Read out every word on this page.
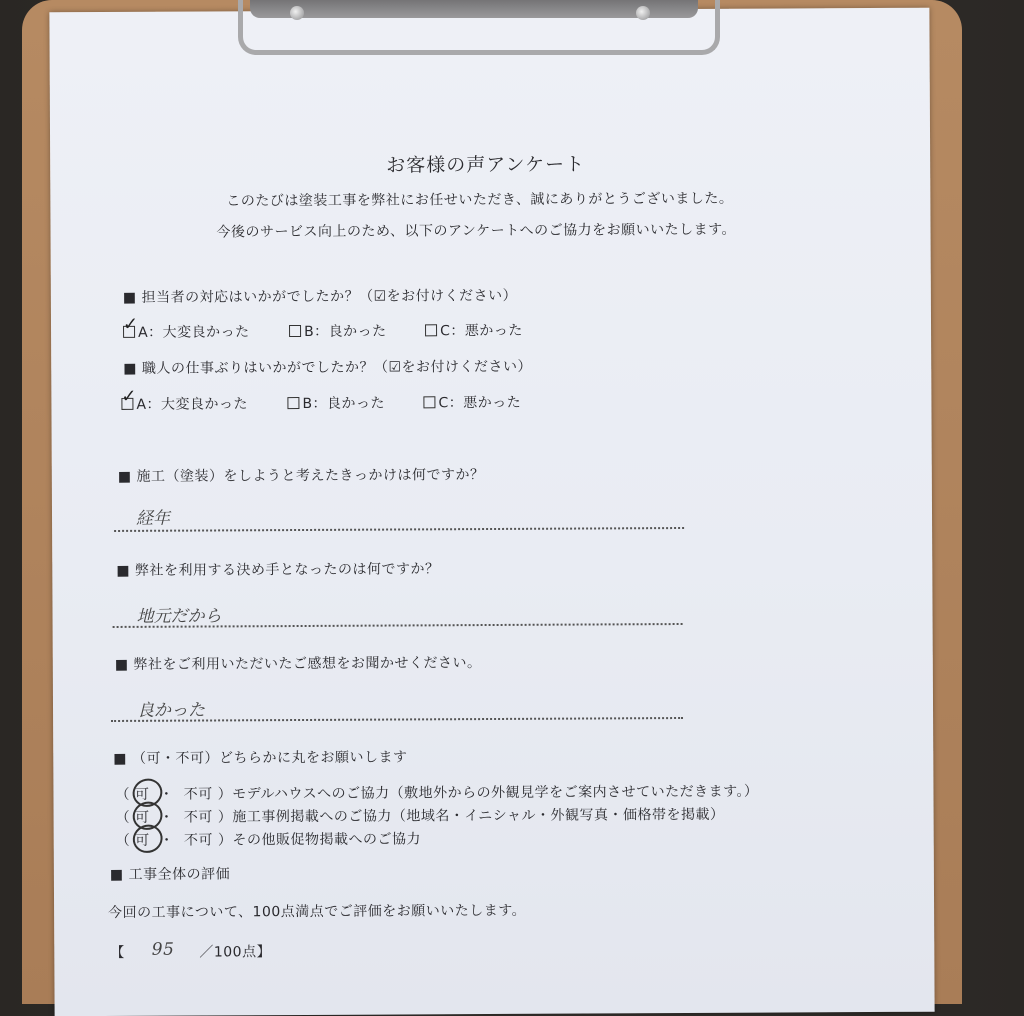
お客様の声アンケート
このたびは塗装工事を弊社にお任せいただき、誠にありがとうございました。
今後のサービス向上のため、以下のアンケートへのご協力をお願いいたします。
■ 担当者の対応はいかがでしたか？（☑をお付けください）
A：大変良かった	B：良かった	C：悪かった
✓
■ 職人の仕事ぶりはいかがでしたか？（☑をお付けください）
A：大変良かった	B：良かった	C：悪かった
✓
■ 施工（塗装）をしようと考えたきっかけは何ですか？
経年
■ 弊社を利用する決め手となったのは何ですか？
地元だから
■ 弊社をご利用いただいたご感想をお聞かせください。
良かった
■ （可・不可）どちらかに丸をお願いします
（ 可  ・  不可 ）モデルハウスへのご協力（敷地外からの外観見学をご案内させていただきます。）
（ 可  ・  不可 ）施工事例掲載へのご協力（地域名・イニシャル・外観写真・価格帯を掲載）
（ 可  ・  不可 ）その他販促物掲載へのご協力
■ 工事全体の評価
今回の工事について、100点満点でご評価をお願いいたします。
【 95 ／100点】
